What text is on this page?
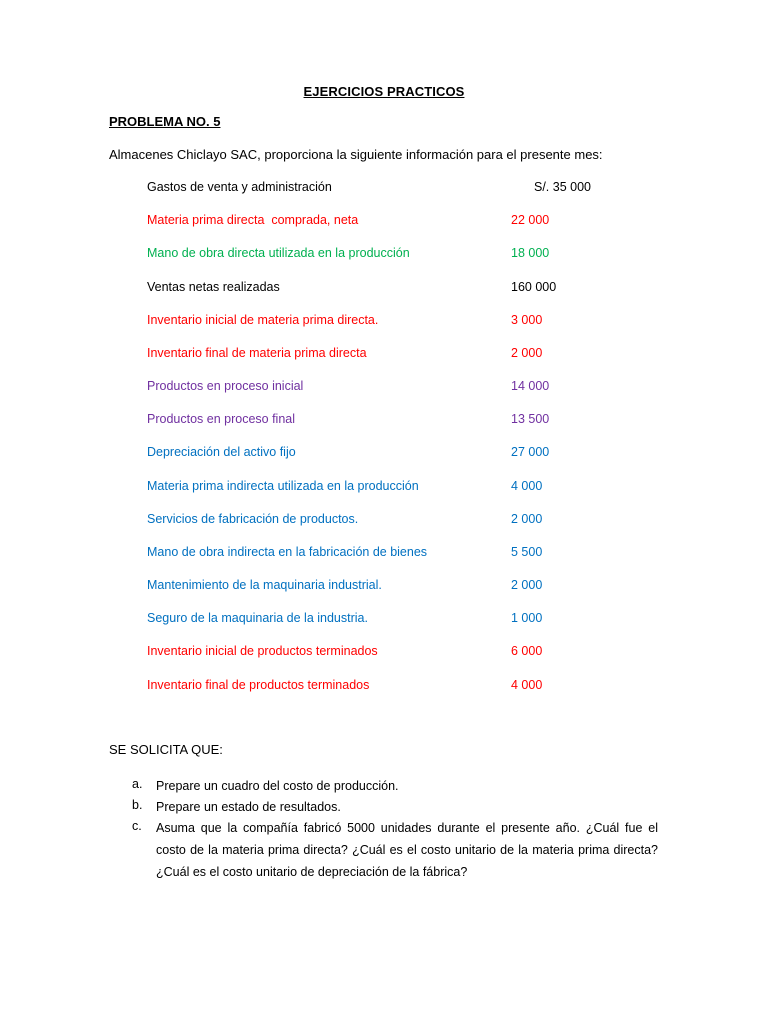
EJERCICIOS PRACTICOS
PROBLEMA NO. 5
Almacenes Chiclayo SAC, proporciona la siguiente información para el presente mes:
Gastos de venta y administración	S/. 35 000
Materia prima directa  comprada, neta	22 000
Mano de obra directa utilizada en la producción	18 000
Ventas netas realizadas	160 000
Inventario inicial de materia prima directa.	3 000
Inventario final de materia prima directa	2 000
Productos en proceso inicial	14 000
Productos en proceso final	13 500
Depreciación del activo fijo	27 000
Materia prima indirecta utilizada en la producción	4 000
Servicios de fabricación de productos.	2 000
Mano de obra indirecta en la fabricación de bienes	5 500
Mantenimiento de la maquinaria industrial.	2 000
Seguro de la maquinaria de la industria.	1 000
Inventario inicial de productos terminados	6 000
Inventario final de productos terminados	4 000
SE SOLICITA QUE:
a. Prepare un cuadro del costo de producción.
b. Prepare un estado de resultados.
c. Asuma que la compañía fabricó 5000 unidades durante el presente año. ¿Cuál fue el costo de la materia prima directa? ¿Cuál es el costo unitario de la materia prima directa? ¿Cuál es el costo unitario de depreciación de la fábrica?
